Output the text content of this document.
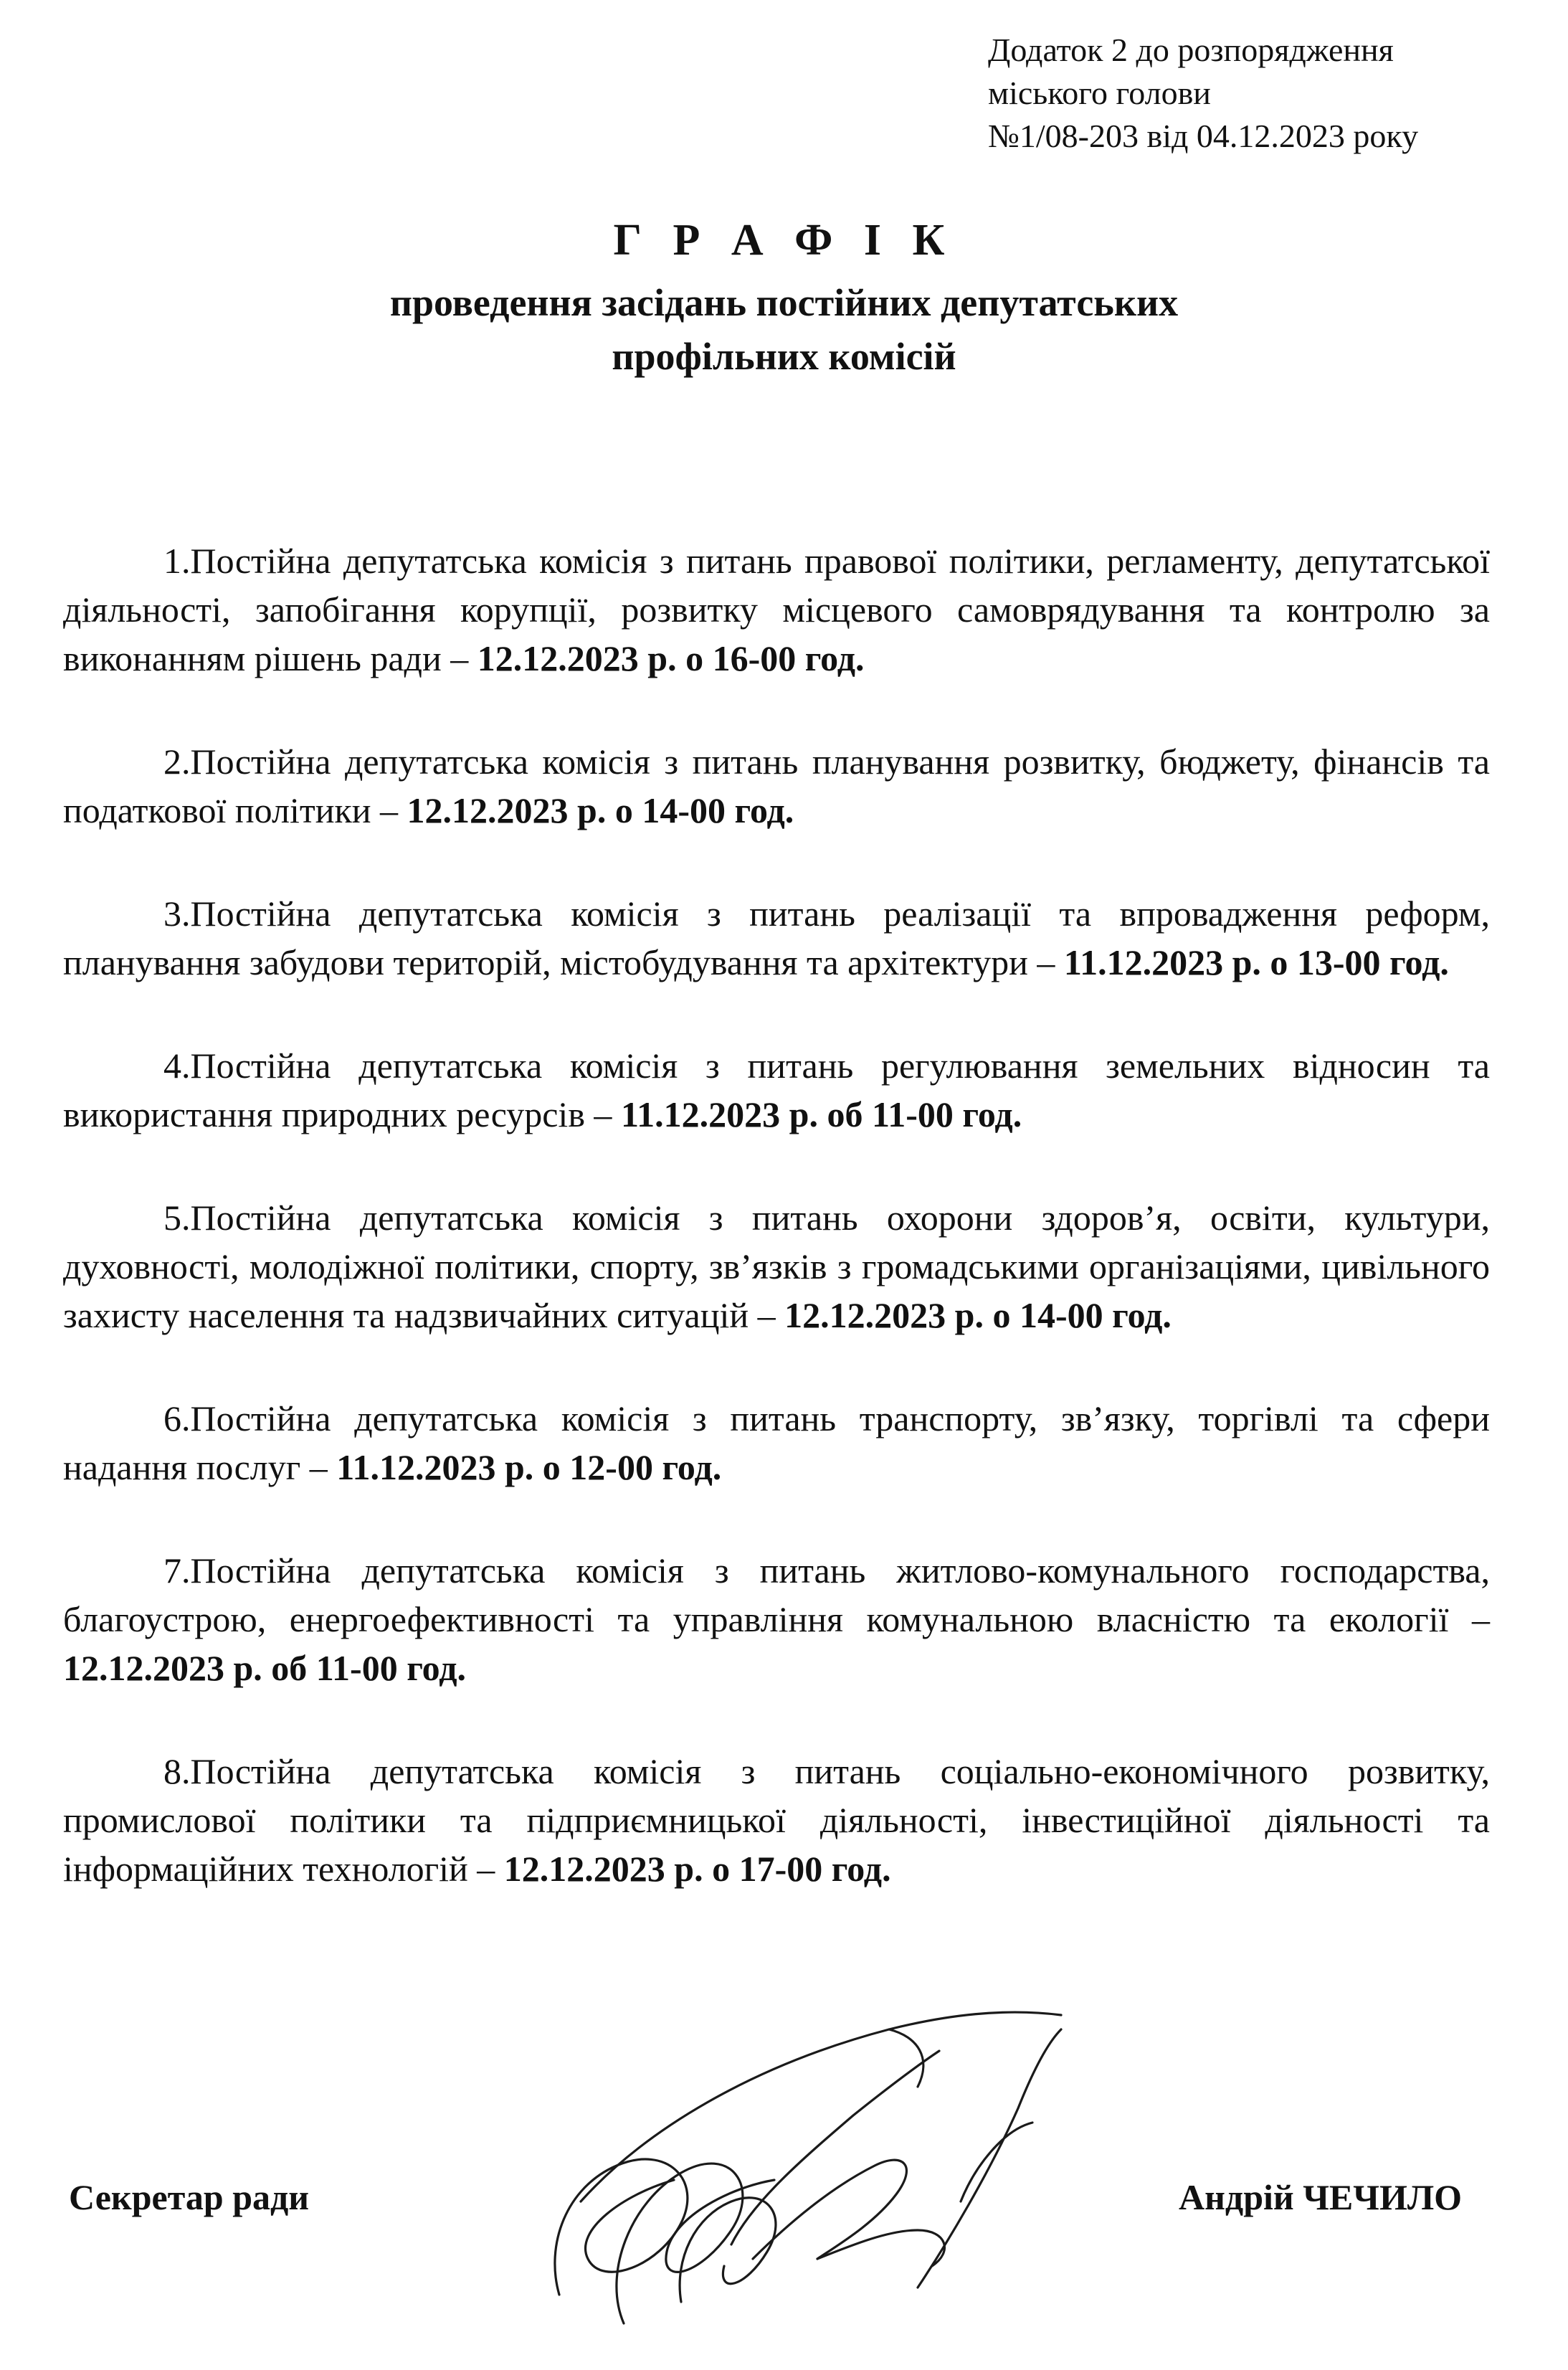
Додаток 2 до розпорядження
міського голови
№1/08-203 від 04.12.2023 року
Г Р А Ф І К
проведення засідань постійних депутатських
профільних комісій

1.Постійна депутатська комісія з питань правової політики, регламенту, депутатської діяльності, запобігання корупції, розвитку місцевого самоврядування та контролю за виконанням рішень ради – 12.12.2023 р. о 16-00 год.

2.Постійна депутатська комісія з питань планування розвитку, бюджету, фінансів та податкової політики – 12.12.2023 р. о 14-00 год.

3.Постійна депутатська комісія з питань реалізації та впровадження реформ, планування забудови територій, містобудування та архітектури – 11.12.2023 р. о 13-00 год.

4.Постійна депутатська комісія з питань регулювання земельних відносин та використання природних ресурсів – 11.12.2023 р. об 11-00 год.

5.Постійна депутатська комісія з питань охорони здоров’я, освіти, культури, духовності, молодіжної політики, спорту, зв’язків з громадськими організаціями, цивільного захисту населення та надзвичайних ситуацій – 12.12.2023 р. о 14-00 год.

6.Постійна депутатська комісія з питань транспорту, зв’язку, торгівлі та сфери надання послуг – 11.12.2023 р. о 12-00 год.

7.Постійна депутатська комісія з питань житлово-комунального господарства, благоустрою, енергоефективності та управління комунальною власністю та екології – 12.12.2023 р. об 11-00 год.

8.Постійна депутатська комісія з питань соціально-економічного розвитку, промислової політики та підприємницької діяльності, інвестиційної діяльності та інформаційних технологій – 12.12.2023 р. о 17-00 год.

Секретар ради	Андрій ЧЕЧИЛО
